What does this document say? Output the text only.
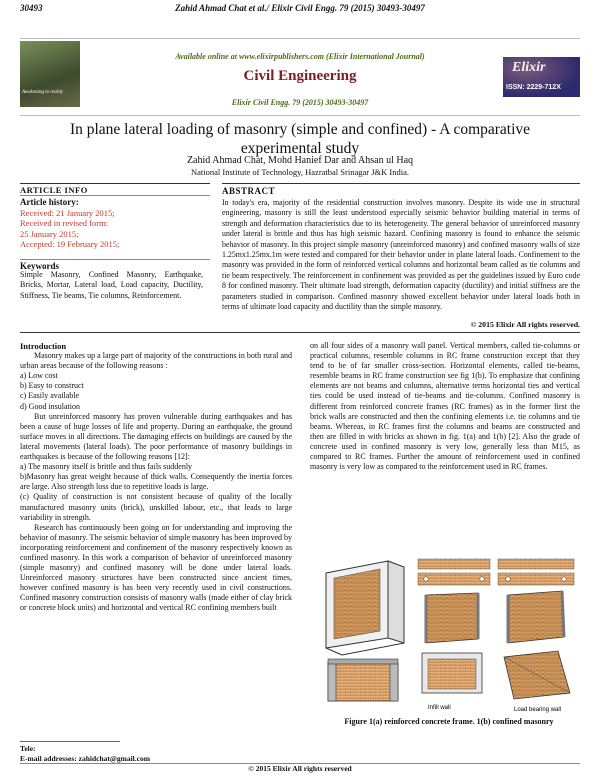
30493	Zahid Ahmad Chat et al./ Elixir Civil Engg. 79 (2015) 30493-30497
Awakening to reality
Available online at www.elixirpublishers.com (Elixir International Journal)
Civil Engineering
Elixir Civil Engg. 79 (2015) 30493-30497
Elixir
ISSN: 2229-712X
In plane lateral loading of masonry (simple and confined) - A comparative experimental study
Zahid Ahmad Chat, Mohd Hanief Dar and Ahsan ul Haq
National Institute of Technology, Hazratbal Srinagar J&K India.
ARTICLE INFO
Article history:
Received: 21 January 2015;
Received in revised form:
25 January 2015;
Accepted: 19 February 2015;
Keywords
Simple Masonry, Confined Masonry, Earthquake, Bricks, Mortar, Lateral load, Load capacity, Ductility, Stiffness, Tie beams, Tie columns, Reinforcement.
ABSTRACT
In today's era, majority of the residential construction involves masonry. Despite its wide use in structural engineering, masonry is still the least understood especially seismic behavior building material in terms of strength and deformation characteristics due to its heterogeneity. The general behavior of unreinforced masonry under lateral is brittle and thus has high seismic hazard. Confining masonry is found to enhance the seismic behavior of masonry. In this project simple masonry (unreinforced masonry) and confined masonry walls of size 1.25mx1.25mx.1m were tested and compared for their behavior under in plane lateral loads. Confinement to the masonry was provided in the form of reinforced vertical columns and horizontal beam called as tie columns and tie beam respectively. The reinforcement in confinement was provided as per the guidelines issued by Euro code 8 for confined masonry. Their ultimate load strength, deformation capacity (ductility) and initial stiffness are the parameters studied in comparison. Confined masonry showed excellent behavior under lateral loads both in terms of ultimate load capacity and ductility than the simple masonry.
© 2015 Elixir All rights reserved.

Introduction

Masonry makes up a large part of majority of the constructions in both rural and urban areas because of the following reasons :

a) Low cost

b) Easy to construct

c) Easily available

d) Good insulation

But unreinforced masonry has proven vulnerable during earthquakes and has been a cause of huge losses of life and property. During an earthquake, the ground surface moves in all directions. The damaging effects on buildings are caused by the lateral movements (lateral loads). The poor performance of masonry buildings in earthquakes is because of the following reasons [12]:

a) The masonry itself is brittle and thus fails suddenly

b)Masonry has great weight because of thick walls. Consequently the inertia forces are large. Also strength loss due to repetitive loads is large.

(c) Quality of construction is not consistent because of quality of the locally manufactured masonry units (brick), unskilled labour, etc., that leads to large variability in strength.

Research has continuously been going on for understanding and improving the behavior of masonry. The seismic behavior of simple masonry has been improved by incorporating reinforcement and confinement of the masonry respectively known as confined masonry. In this work a comparison of behavior of unreinforced masonry (simple masonry) and confined masonry will be done under lateral loads. Unreinforced masonry structures have been constructed since ancient times, however confined masonry is has been very recently used in civil constructions. Confined masonry construction consists of masonry walls (made either of clay brick or concrete block units) and horizontal and vertical RC confining members built

on all four sides of a masonry wall panel. Vertical members, called tie-columns or practical columns, resemble columns in RC frame construction except that they tend to be of far smaller cross-section. Horizontal elements, called tie-beams, resemble beams in RC frame construction see fig 1(b). To emphasize that confining elements are not beams and columns, alternative terms horizontal ties and vertical ties could be used instead of tie-beams and tie-columns. Confined masonry is different from reinforced concrete frames (RC frames) as in the former first the brick walls are constructed and then the confining elements i.e. tie columns and tie beams. Whereas, in RC frames first the columns and beams are constructed and then are filled in with bricks as shown in fig. 1(a) and 1(b) [2]. Also the grade of concrete used in confined masonry is very low, generally less than M15, as compared to RC frames. Further the amount of reinforcement used in confined masonry is very low as compared to the reinforcement used in RC frames.

Infill wall	Load bearing wall
Figure 1(a) reinforced concrete frame. 1(b) confined masonry
Tele:
E-mail addresses: zahidchat@gmail.com
© 2015 Elixir All rights reserved
